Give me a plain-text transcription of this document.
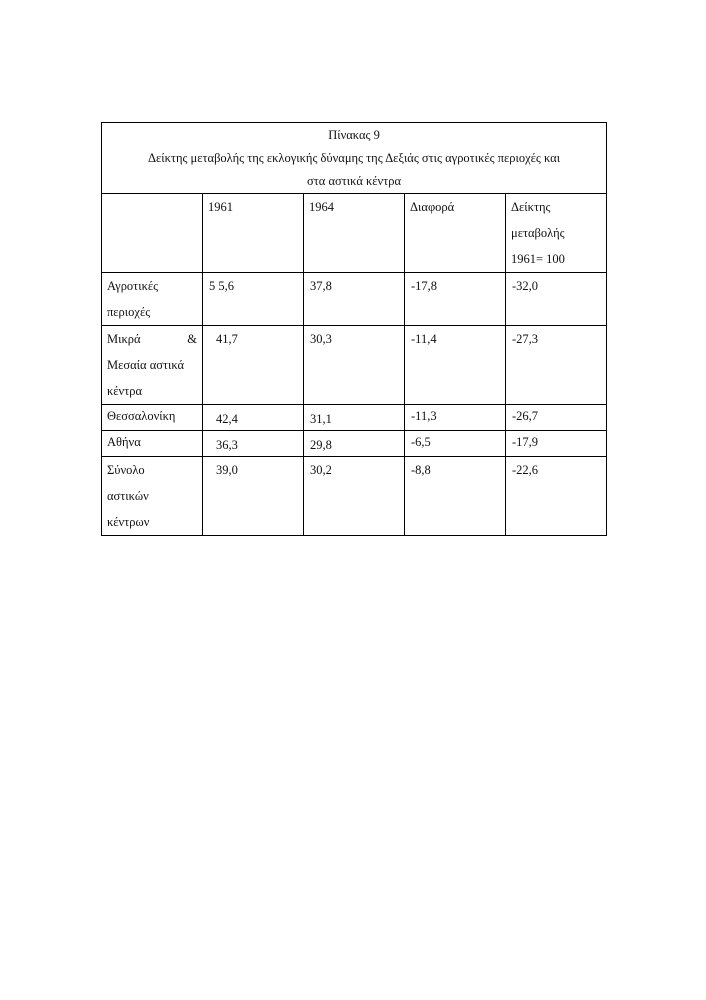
Πίνακας 9
Δείκτης μεταβολής της εκλογικής δύναμης της Δεξιάς στις αγροτικές περιοχές και
στα αστικά κέντρα				

	1961	1964	Διαφορά	Δείκτης
μεταβολής
1961= 100

Αγροτικές
περιοχές	5 5,6	37,8	-17,8	-32,0

Μικρά &
Μεσαία αστικά
κέντρα	41,7	30,3	-11,4	-27,3
Θεσσαλονίκη	42,4	31,1	-11,3	-26,7
Αθήνα	36,3	29,8	-6,5	-17,9

Σύνολο
αστικών
κέντρων	39,0	30,2	-8,8	-22,6
